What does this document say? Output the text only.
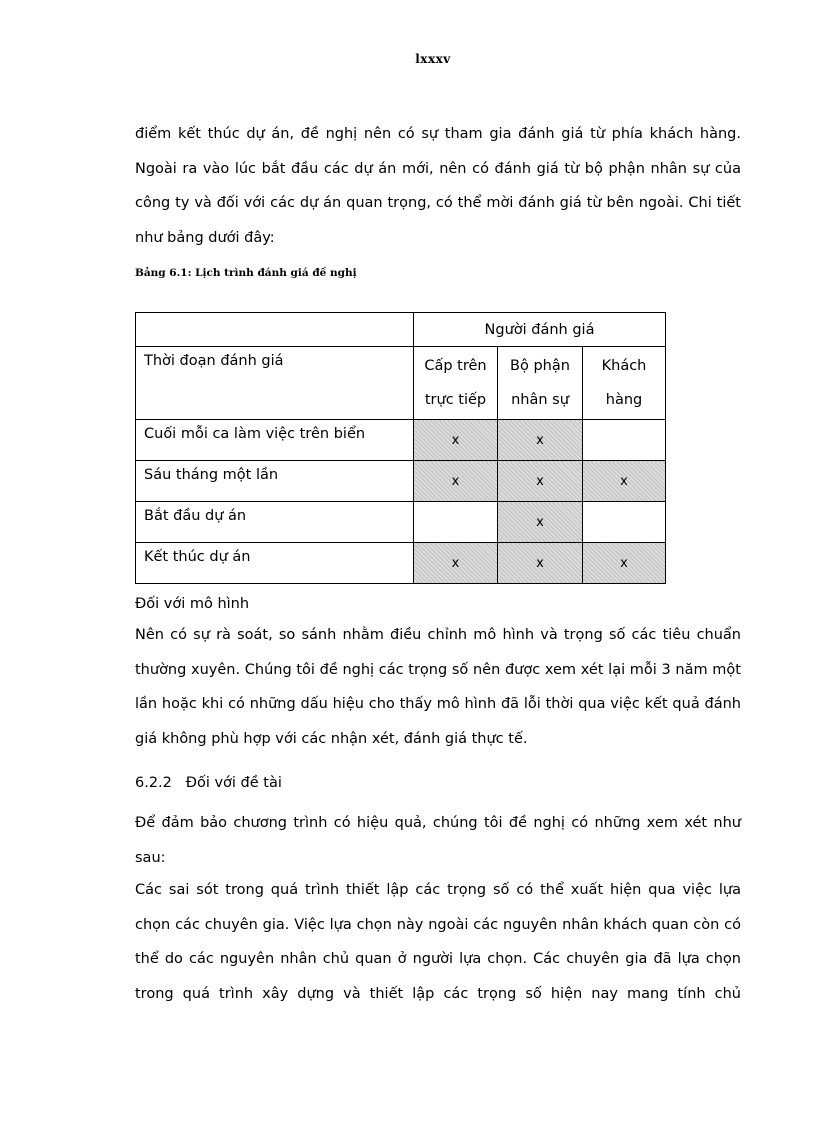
lxxxv

điểm kết thúc dự án, đề nghị nên có sự tham gia đánh giá từ phía khách hàng. Ngoài ra vào lúc bắt đầu các dự án mới, nên có đánh giá từ bộ phận nhân sự của công ty và đối với các dự án quan trọng, có thể mời đánh giá từ bên ngoài. Chi tiết như bảng dưới đây:

Bảng 6.1: Lịch trình đánh giá đề nghị
	Người đánh giá		
Thời đoạn đánh giá	Cấp trên trực tiếp	Bộ phận nhân sự	Khách hàng
Cuối mỗi ca làm việc trên biển	x	x	
Sáu tháng một lần	x	x	x
Bắt đầu dự án		x	
Kết thúc dự án	x	x	x

Đối với mô hình

Nên có sự rà soát, so sánh nhằm điều chỉnh mô hình và trọng số các tiêu chuẩn thường xuyên. Chúng tôi đề nghị các trọng số nên được xem xét lại mỗi 3 năm một lần hoặc khi có những dấu hiệu cho thấy mô hình đã lỗi thời qua việc kết quả đánh giá không phù hợp với các nhận xét, đánh giá thực tế.

6.2.2   Đối với đề tài

Để đảm bảo chương trình có hiệu quả, chúng tôi đề nghị có những xem xét như sau:

Các sai sót trong quá trình thiết lập các trọng số có thể xuất hiện qua việc lựa chọn các chuyên gia. Việc lựa chọn này ngoài các nguyên nhân khách quan còn có thể do các nguyên nhân chủ quan ở người lựa chọn. Các chuyên gia đã lựa chọn trong quá trình xây dựng và thiết lập các trọng số hiện nay mang tính chủ
